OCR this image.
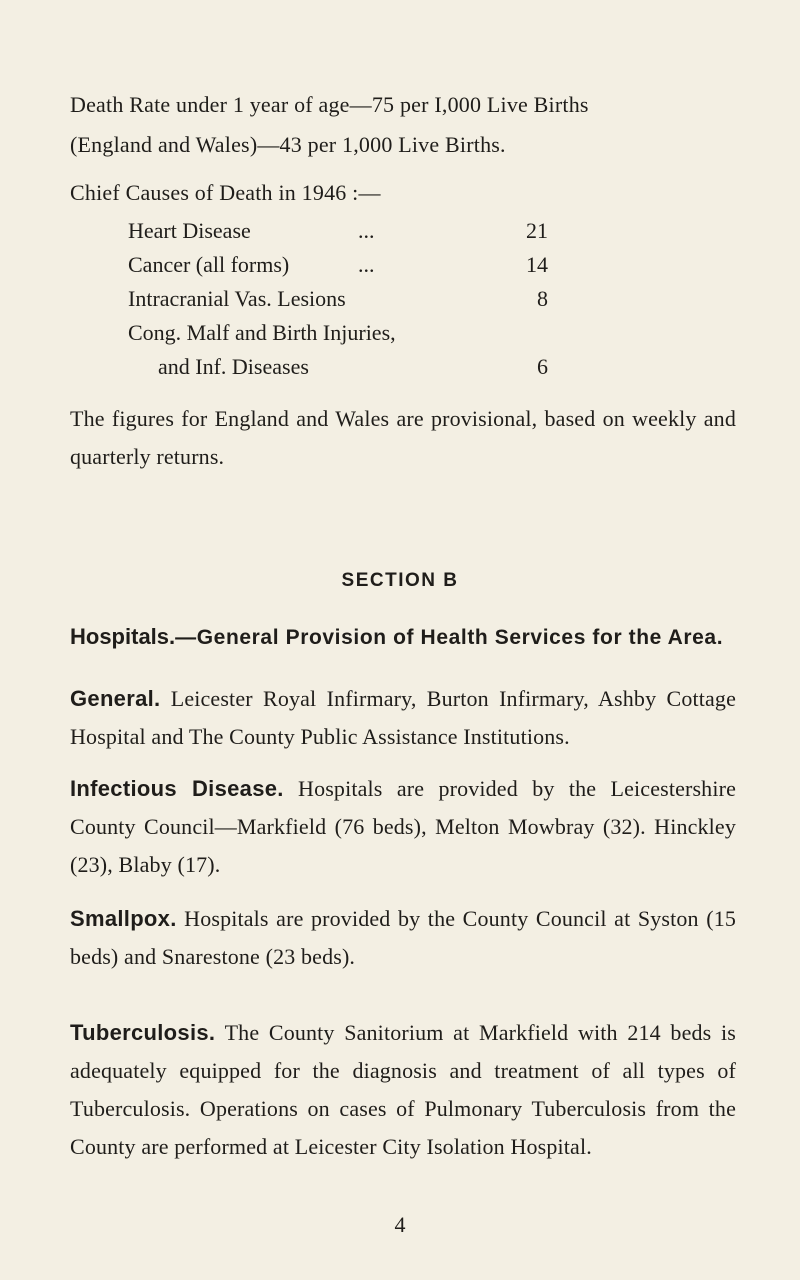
Death Rate under 1 year of age—75 per I,000 Live Births
(England and Wales)—43 per 1,000 Live Births.
Chief Causes of Death in 1946 :—
Heart Disease	...	21
Cancer (all forms)	...	14
Intracranial Vas. Lesions	8
Cong. Malf and Birth Injuries,
and Inf. Diseases	6
The figures for England and Wales are provisional, based on weekly and quarterly returns.
SECTION B
Hospitals.—General Provision of Health Services for the Area.
General. Leicester Royal Infirmary, Burton Infirmary, Ashby Cottage Hospital and The County Public Assistance Institutions.
Infectious Disease. Hospitals are provided by the Leicestershire County Council—Markfield (76 beds), Melton Mowbray (32). Hinckley (23), Blaby (17).
Smallpox. Hospitals are provided by the County Council at Syston (15 beds) and Snarestone (23 beds).
Tuberculosis. The County Sanitorium at Markfield with 214 beds is adequately equipped for the diagnosis and treatment of all types of Tuberculosis. Operations on cases of Pulmonary Tuberculosis from the County are performed at Leicester City Isolation Hospital.
4
